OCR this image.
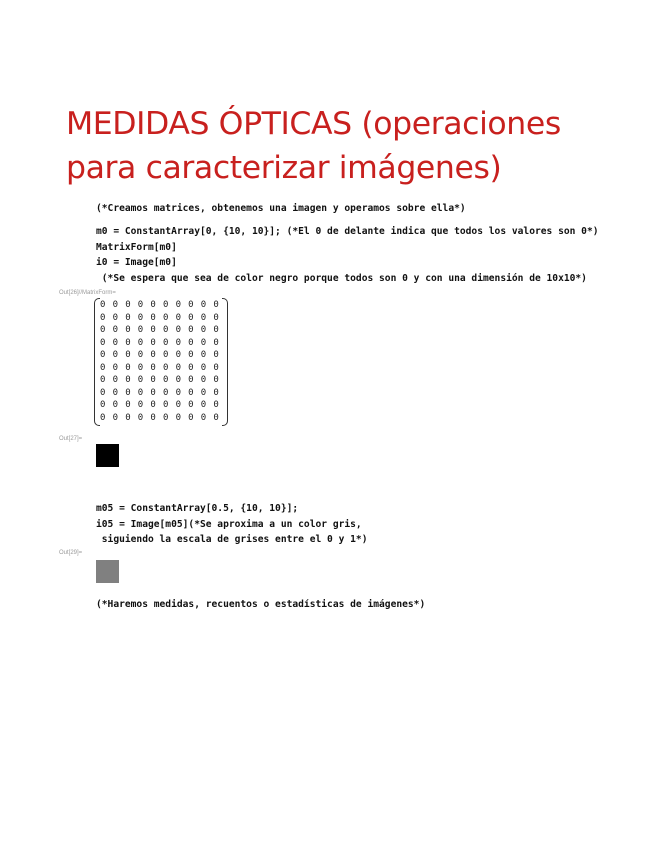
MEDIDAS ÓPTICAS (operaciones para caracterizar imágenes)
(*Creamos matrices, obtenemos una imagen y operamos sobre ella*)
m0 = ConstantArray[0, {10, 10}]; (*El 0 de delante indica que todos los valores son 0*)
MatrixForm[m0]
i0 = Image[m0]
(*Se espera que sea de color negro porque todos son 0 y con una dimensión de 10x10*)
Out[26]//MatrixForm=
0 0 0 0 0 0 0 0 0 0
0 0 0 0 0 0 0 0 0 0
0 0 0 0 0 0 0 0 0 0
0 0 0 0 0 0 0 0 0 0
0 0 0 0 0 0 0 0 0 0
0 0 0 0 0 0 0 0 0 0
0 0 0 0 0 0 0 0 0 0
0 0 0 0 0 0 0 0 0 0
0 0 0 0 0 0 0 0 0 0
0 0 0 0 0 0 0 0 0 0
Out[27]=
m05 = ConstantArray[0.5, {10, 10}];
i05 = Image[m05](*Se aproxima a un color gris,
siguiendo la escala de grises entre el 0 y 1*)
Out[29]=
(*Haremos medidas, recuentos o estadísticas de imágenes*)
